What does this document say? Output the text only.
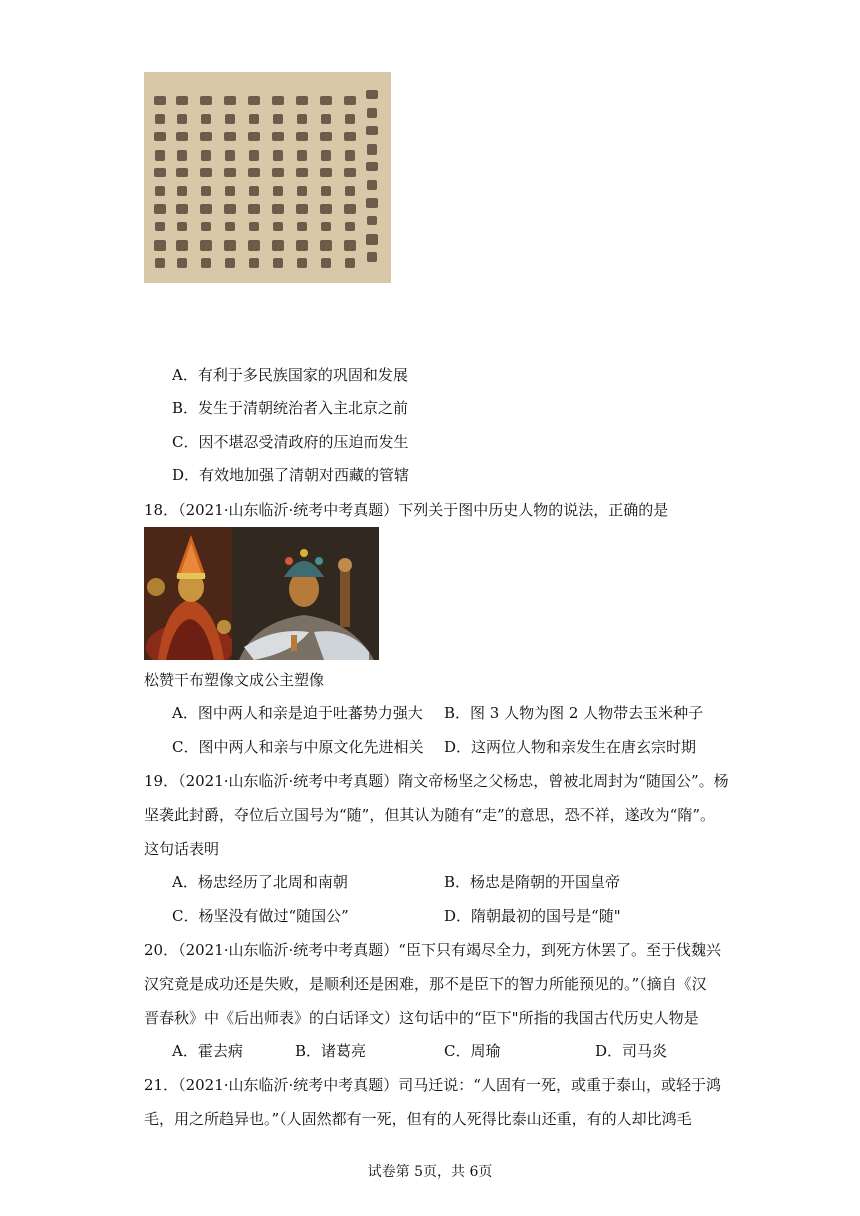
A．有利于多民族国家的巩固和发展
B．发生于清朝统治者入主北京之前
C．因不堪忍受清政府的压迫而发生
D．有效地加强了清朝对西藏的管辖
18．（2021·山东临沂·统考中考真题）下列关于图中历史人物的说法，正确的是
松赞干布塑像文成公主塑像
A．图中两人和亲是迫于吐蕃势力强大 B．图 3 人物为图 2 人物带去玉米种子
C．图中两人和亲与中原文化先进相关 D．这两位人物和亲发生在唐玄宗时期
19．（2021·山东临沂·统考中考真题）隋文帝杨坚之父杨忠，曾被北周封为“随国公”。杨
坚袭此封爵，夺位后立国号为“随”，但其认为随有“走”的意思，恐不祥，遂改为“隋”。
这句话表明
A．杨忠经历了北周和南朝	B．杨忠是隋朝的开国皇帝
C．杨坚没有做过“随国公”	D．隋朝最初的国号是“随"
20．（2021·山东临沂·统考中考真题）“臣下只有竭尽全力，到死方休罢了。至于伐魏兴
汉究竟是成功还是失败，是顺利还是困难，那不是臣下的智力所能预见的。”（摘自《汉
晋春秋》中《后出师表》的白话译文）这句话中的“臣下"所指的我国古代历史人物是
A．霍去病	B．诸葛亮	C．周瑜	D．司马炎
21．（2021·山东临沂·统考中考真题）司马迁说：“人固有一死，或重于泰山，或轻于鸿
毛，用之所趋异也。”（人固然都有一死，但有的人死得比泰山还重，有的人却比鸿毛
试卷第 5页，共 6页
